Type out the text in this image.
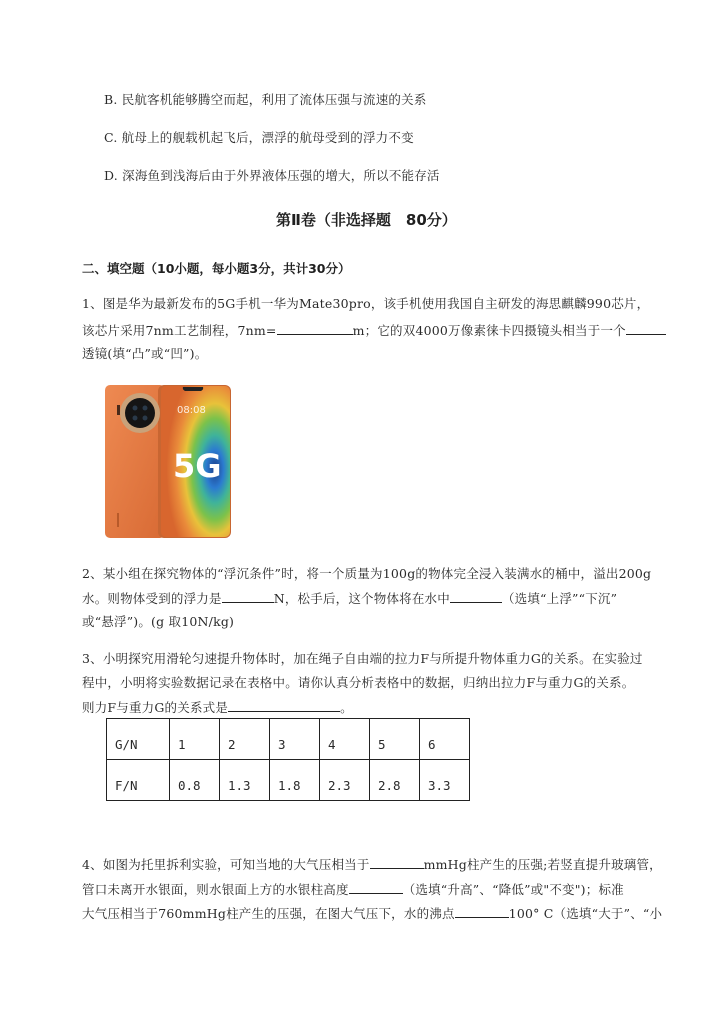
B. 民航客机能够腾空而起，利用了流体压强与流速的关系
C. 航母上的舰载机起飞后，漂浮的航母受到的浮力不变
D. 深海鱼到浅海后由于外界液体压强的增大，所以不能存活
第Ⅱ卷（非选择题　80分）
二、填空题（10小题，每小题3分，共计30分）
1、图是华为最新发布的5G手机一华为Mate30pro，该手机使用我国自主研发的海思麒麟990芯片，
该芯片采用7nm工艺制程，7nm=	m；它的双4000万像素徕卡四摄镜头相当于一个
透镜(填“凸”或“凹”)。
08:08
5G
2、某小组在探究物体的“浮沉条件”时，将一个质量为100g的物体完全浸入装满水的桶中，溢出200g
水。则物体受到的浮力是	N，松手后，这个物体将在水中	（选填“上浮”“下沉”
或“悬浮”)。(g 取10N/kg)
3、小明探究用滑轮匀速提升物体时，加在绳子自由端的拉力F与所提升物体重力G的关系。在实验过
程中，小明将实验数据记录在表格中。请你认真分析表格中的数据，归纳出拉力F与重力G的关系。
则力F与重力G的关系式是	。
G/N	1	2	3	4	5	6
F/N	0.8	1.3	1.8	2.3	2.8	3.3
4、如图为托里拆利实验，可知当地的大气压相当于	mmHg柱产生的压强;若竖直提升玻璃管，
管口未离开水银面，则水银面上方的水银柱高度	（选填“升高”、“降低”或"不变")；标准
大气压相当于760mmHg柱产生的压强，在图大气压下，水的沸点	100° C（选填“大于”、“小
